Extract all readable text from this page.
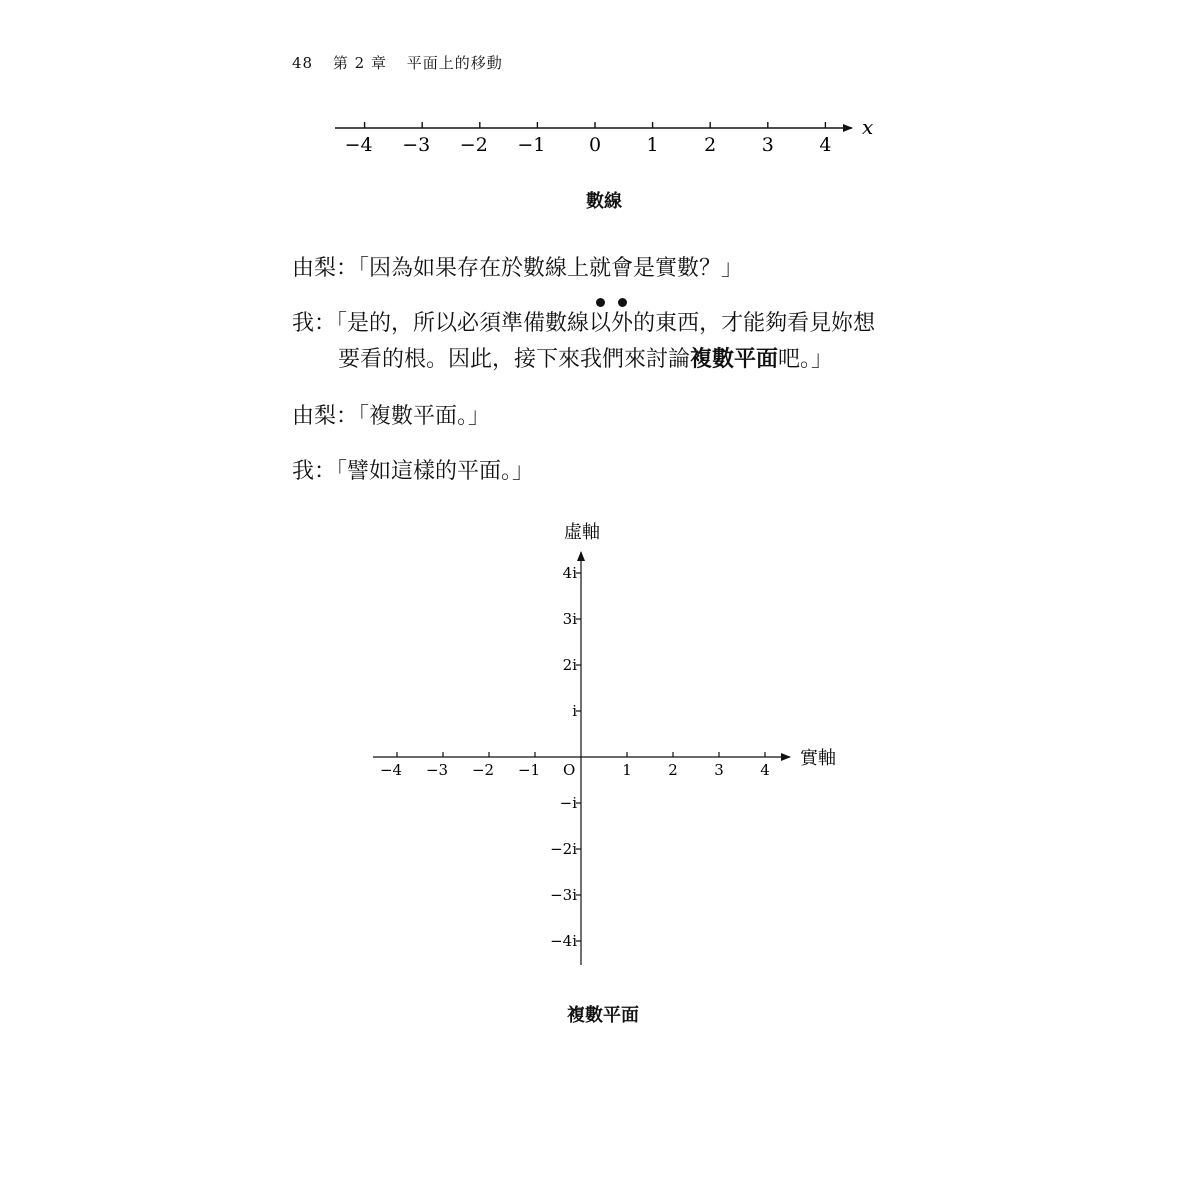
48 第 2 章 平面上的移動
−4 −3 −2 −1 0 1 2 3 4
x
−4 −3 −2 −1	1 2 3 4
4i
3i
2i
i
−i
−2i
−3i
−4i
O
實軸
虛軸
數線
由梨：「因為如果存在於數線上就會是實數？」
我：「是的，所以必須準備數線以外的東西，才能夠看見妳想
要看的根。因此，接下來我們來討論複數平面吧。」
由梨：「複數平面。」
我：「譬如這樣的平面。」
複數平面
